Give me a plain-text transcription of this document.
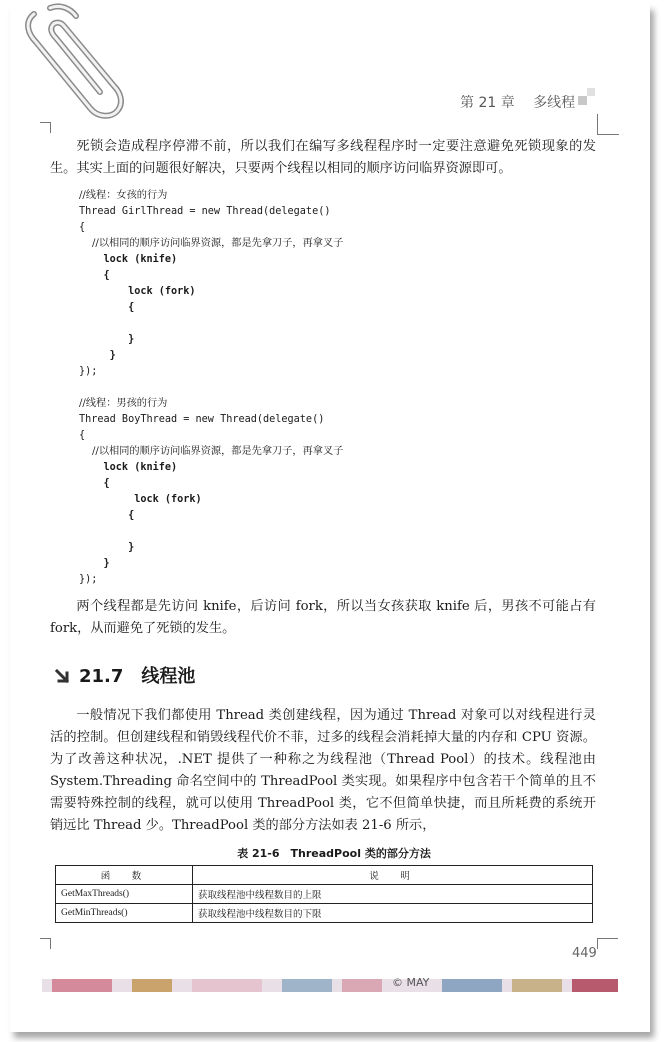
第 21 章 多线程

死锁会造成程序停滞不前，所以我们在编写多线程程序时一定要注意避免死锁现象的发生。其实上面的问题很好解决，只要两个线程以相同的顺序访问临界资源即可。

//线程：女孩的行为
Thread GirlThread = new Thread(delegate()
{
//以相同的顺序访问临界资源，都是先拿刀子，再拿叉子
lock (knife)
{
lock (fork)
{
}
}
});
//线程：男孩的行为
Thread BoyThread = new Thread(delegate()
{
//以相同的顺序访问临界资源，都是先拿刀子，再拿叉子
lock (knife)
{
lock (fork)
{
}
}
});

两个线程都是先访问 knife，后访问 fork，所以当女孩获取 knife 后，男孩不可能占有 fork，从而避免了死锁的发生。

21.7 线程池

一般情况下我们都使用 Thread 类创建线程，因为通过 Thread 对象可以对线程进行灵活的控制。但创建线程和销毁线程代价不菲，过多的线程会消耗掉大量的内存和 CPU 资源。为了改善这种状况，.NET 提供了一种称之为线程池（Thread Pool）的技术。线程池由 System.Threading 命名空间中的 ThreadPool 类实现。如果程序中包含若干个简单的且不需要特殊控制的线程，就可以使用 ThreadPool 类，它不但简单快捷，而且所耗费的系统开销远比 Thread 少。ThreadPool 类的部分方法如表 21-6 所示，

表 21-6　ThreadPool 类的部分方法
函　数	说　明
GetMaxThreads()	获取线程池中线程数目的上限
GetMinThreads()	获取线程池中线程数目的下限
449
© MAY
